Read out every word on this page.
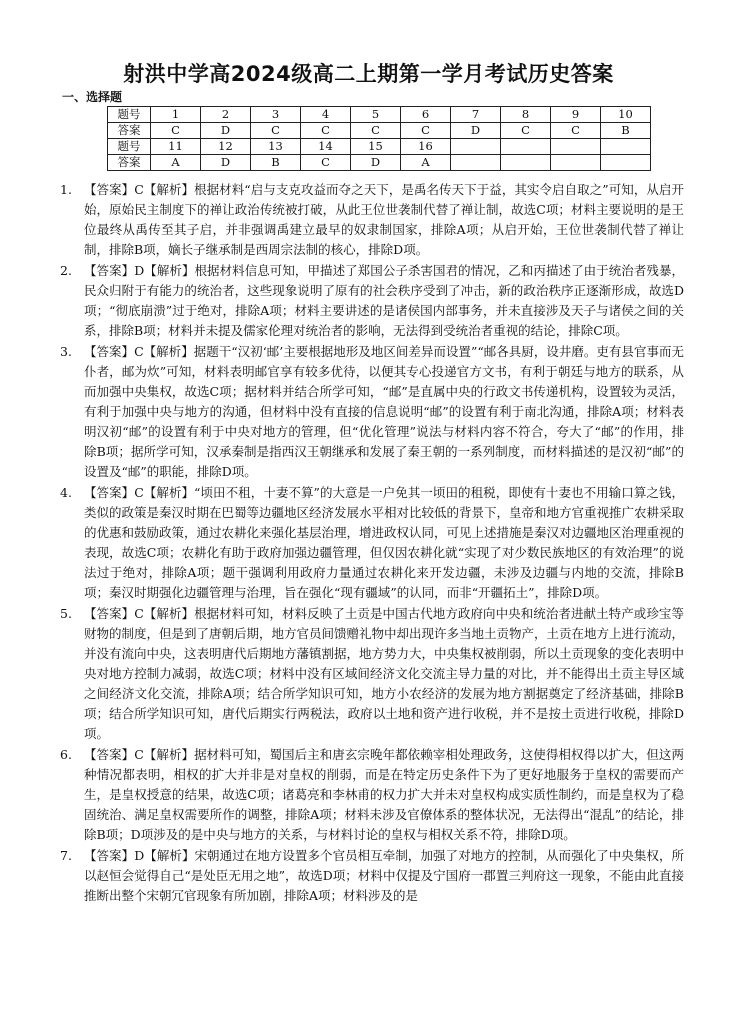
射洪中学高2024级高二上期第一学月考试历史答案
一、选择题
题号	1	2	3	4	5	6	7	8	9	10
答案	C	D	C	C	C	C	D	C	C	B
题号	11	12	13	14	15	16				
答案	A	D	B	C	D	A				
1. 【答案】C【解析】根据材料“启与支克攻益而夺之天下，是禹名传天下于益，其实令启自取之”可知，从启开始，原始民主制度下的禅让政治传统被打破，从此王位世袭制代替了禅让制，故选C项；材料主要说明的是王位最终从禹传至其子启，并非强调禹建立最早的奴隶制国家，排除A项；从启开始，王位世袭制代替了禅让制，排除B项，嫡长子继承制是西周宗法制的核心，排除D项。
2. 【答案】D【解析】根据材料信息可知，甲描述了郑国公子杀害国君的情况，乙和丙描述了由于统治者残暴，民众归附于有能力的统治者，这些现象说明了原有的社会秩序受到了冲击，新的政治秩序正逐渐形成，故选D项；“彻底崩溃”过于绝对，排除A项；材料主要讲述的是诸侯国内部事务，并未直接涉及天子与诸侯之间的关系，排除B项；材料并未提及儒家伦理对统治者的影响，无法得到受统治者重视的结论，排除C项。
3. 【答案】C【解析】据题干“汉初‘邮’主要根据地形及地区间差异而设置”“邮各具厨，设井磨。吏有县官事而无仆者，邮为炊”可知，材料表明邮官享有较多优待，以便其专心投递官方文书，有利于朝廷与地方的联系，从而加强中央集权，故选C项；据材料并结合所学可知，“邮”是直属中央的行政文书传递机构，设置较为灵活，有利于加强中央与地方的沟通，但材料中没有直接的信息说明“邮”的设置有利于南北沟通，排除A项；材料表明汉初“邮”的设置有利于中央对地方的管理，但“优化管理”说法与材料内容不符合，夸大了“邮”的作用，排除B项；据所学可知，汉承秦制是指西汉王朝继承和发展了秦王朝的一系列制度，而材料描述的是汉初“邮”的设置及“邮”的职能，排除D项。
4. 【答案】C【解析】“顷田不租，十妻不算”的大意是一户免其一顷田的租税，即使有十妻也不用输口算之钱，类似的政策是秦汉时期在巴蜀等边疆地区经济发展水平相对比较低的背景下，皇帝和地方官重视推广农耕采取的优惠和鼓励政策，通过农耕化来强化基层治理，增进政权认同，可见上述措施是秦汉对边疆地区治理重视的表现，故选C项；农耕化有助于政府加强边疆管理，但仅因农耕化就“实现了对少数民族地区的有效治理”的说法过于绝对，排除A项；题干强调利用政府力量通过农耕化来开发边疆，未涉及边疆与内地的交流，排除B项；秦汉时期强化边疆管理与治理，旨在强化“现有疆域”的认同，而非“开疆拓土”，排除D项。
5. 【答案】C【解析】根据材料可知，材料反映了土贡是中国古代地方政府向中央和统治者进献土特产或珍宝等财物的制度，但是到了唐朝后期，地方官员间馈赠礼物中却出现许多当地土贡物产，土贡在地方上进行流动，并没有流向中央，这表明唐代后期地方藩镇割据，地方势力大，中央集权被削弱，所以土贡现象的变化表明中央对地方控制力减弱，故选C项；材料中没有区域间经济文化交流主导力量的对比，并不能得出土贡主导区域之间经济文化交流，排除A项；结合所学知识可知，地方小农经济的发展为地方割据奠定了经济基础，排除B项；结合所学知识可知，唐代后期实行两税法，政府以土地和资产进行收税，并不是按土贡进行收税，排除D项。
6. 【答案】C【解析】据材料可知，蜀国后主和唐玄宗晚年都依赖宰相处理政务，这使得相权得以扩大，但这两种情况都表明，相权的扩大并非是对皇权的削弱，而是在特定历史条件下为了更好地服务于皇权的需要而产生，是皇权授意的结果，故选C项；诸葛亮和李林甫的权力扩大并未对皇权构成实质性制约，而是皇权为了稳固统治、满足皇权需要所作的调整，排除A项；材料未涉及官僚体系的整体状况，无法得出“混乱”的结论，排除B项；D项涉及的是中央与地方的关系，与材料讨论的皇权与相权关系不符，排除D项。
7. 【答案】D【解析】宋朝通过在地方设置多个官员相互牵制，加强了对地方的控制，从而强化了中央集权，所以赵恒会觉得自己“是处臣无用之地”，故选D项；材料中仅提及宁国府一郡置三判府这一现象，不能由此直接推断出整个宋朝冗官现象有所加剧，排除A项；材料涉及的是
